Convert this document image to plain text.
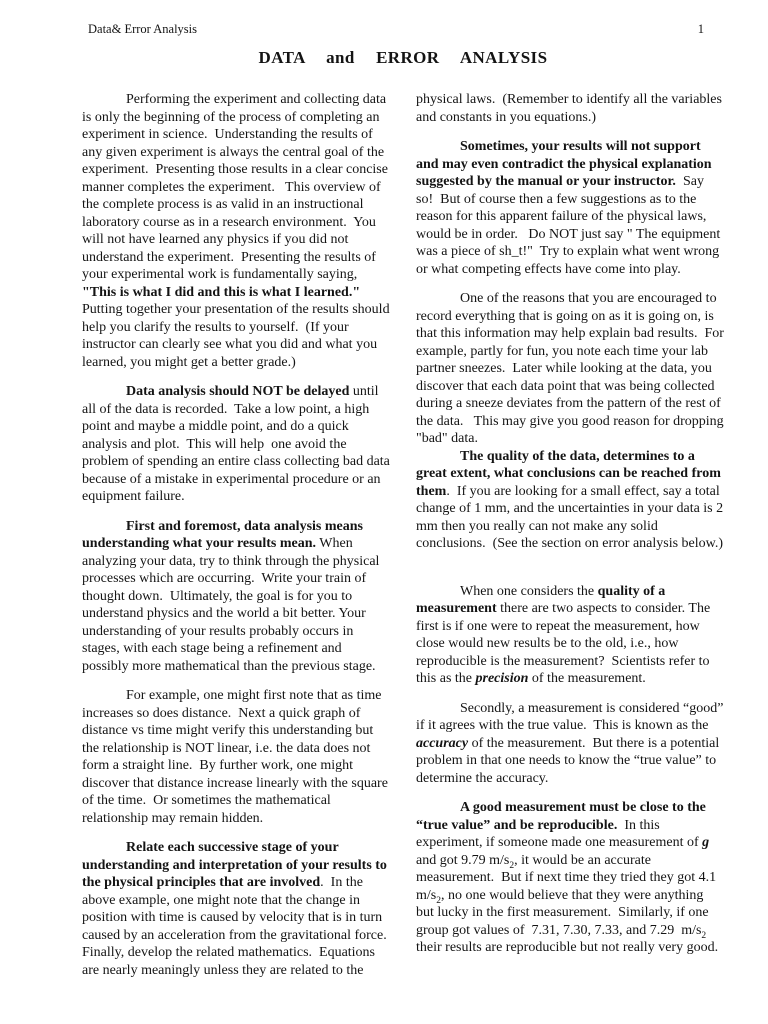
Data& Error Analysis	1
DATA  and  ERROR  ANALYSIS

Performing the experiment and collecting data is only the beginning of the process of completing an experiment in science.  Understanding the results of any given experiment is always the central goal of the experiment.  Presenting those results in a clear concise manner completes the experiment.   This overview of the complete process is as valid in an instructional laboratory course as in a research environment.  You will not have learned any physics if you did not understand the experiment.  Presenting the results of your experimental work is fundamentally saying, "This is what I did and this is what I learned." Putting together your presentation of the results should help you clarify the results to yourself.  (If your instructor can clearly see what you did and what you learned, you might get a better grade.)

Data analysis should NOT be delayed until all of the data is recorded.  Take a low point, a high point and maybe a middle point, and do a quick analysis and plot.  This will help  one avoid the problem of spending an entire class collecting bad data because of a mistake in experimental procedure or an equipment failure.

First and foremost, data analysis means understanding what your results mean. When analyzing your data, try to think through the physical processes which are occurring.  Write your train of thought down.  Ultimately, the goal is for you to understand physics and the world a bit better. Your understanding of your results probably occurs in stages, with each stage being a refinement and possibly more mathematical than the previous stage.

For example, one might first note that as time increases so does distance.  Next a quick graph of distance vs time might verify this understanding but the relationship is NOT linear, i.e. the data does not form a straight line.  By further work, one might discover that distance increase linearly with the square of the time.  Or sometimes the mathematical relationship may remain hidden.

Relate each successive stage of your understanding and interpretation of your results to the physical principles that are involved.  In the above example, one might note that the change in position with time is caused by velocity that is in turn caused by an acceleration from the gravitational force. Finally, develop the related mathematics.  Equations are nearly meaningly unless they are related to the

physical laws.  (Remember to identify all the variables and constants in you equations.)

Sometimes, your results will not support and may even contradict the physical explanation suggested by the manual or your instructor.  Say so!  But of course then a few suggestions as to the reason for this apparent failure of the physical laws, would be in order.   Do NOT just say " The equipment was a piece of sh_t!"  Try to explain what went wrong or what competing effects have come into play.

One of the reasons that you are encouraged to record everything that is going on as it is going on, is that this information may help explain bad results.  For example, partly for fun, you note each time your lab partner sneezes.  Later while looking at the data, you discover that each data point that was being collected during a sneeze deviates from the pattern of the rest of the data.   This may give you good reason for dropping "bad" data.

The quality of the data, determines to a great extent, what conclusions can be reached from them.  If you are looking for a small effect, say a total change of 1 mm, and the uncertainties in your data is 2 mm then you really can not make any solid conclusions.  (See the section on error analysis below.)

When one considers the quality of a measurement there are two aspects to consider. The first is if one were to repeat the measurement, how close would new results be to the old, i.e., how reproducible is the measurement?  Scientists refer to this as the precision of the measurement.

Secondly, a measurement is considered “good” if it agrees with the true value.  This is known as the accuracy of the measurement.  But there is a potential problem in that one needs to know the “true value” to determine the accuracy.

A good measurement must be close to the “true value” and be reproducible.  In this experiment, if someone made one measurement of g and got 9.79 $m/s_2$, it would be an accurate measurement.  But if next time they tried they got 4.1 $m/s_2$, no one would believe that they were anything but lucky in the first measurement.  Similarly, if one group got values of  7.31, 7.30, 7.33, and 7.29  $m/s_2$ their results are reproducible but not really very good.
